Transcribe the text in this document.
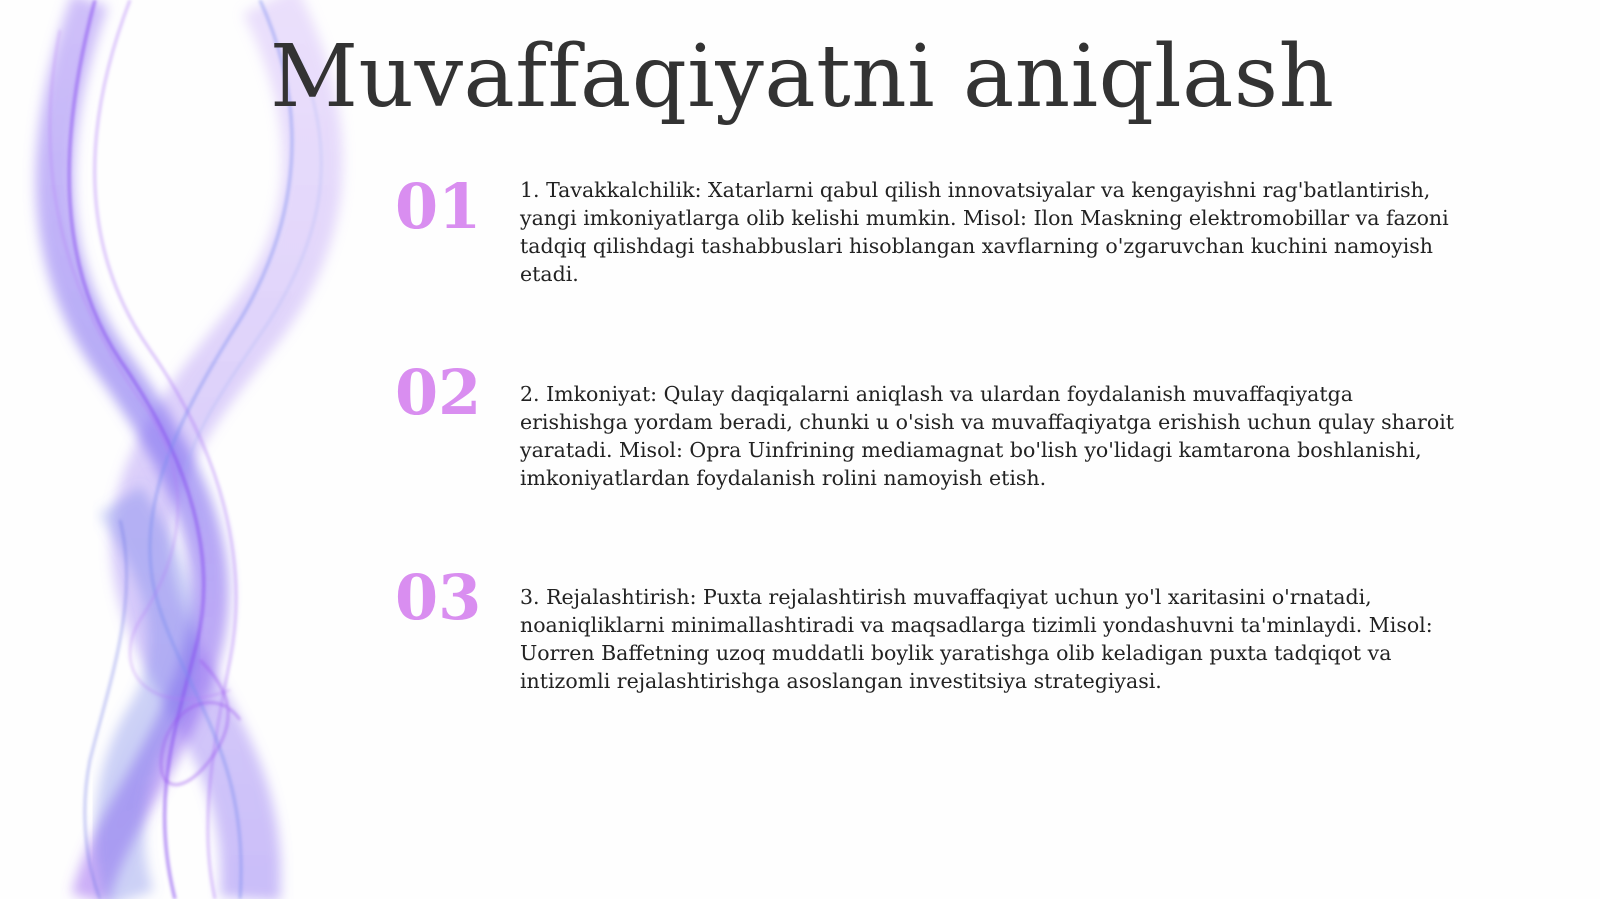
Muvaffaqiyatni aniqlash
01	1. Tavakkalchilik: Xatarlarni qabul qilish innovatsiyalar va kengayishni rag'batlantirish, yangi imkoniyatlarga olib kelishi mumkin. Misol: Ilon Maskning elektromobillar va fazoni tadqiq qilishdagi tashabbuslari hisoblangan xavflarning o'zgaruvchan kuchini namoyish etadi.

02	2. Imkoniyat: Qulay daqiqalarni aniqlash va ulardan foydalanish muvaffaqiyatga erishishga yordam beradi, chunki u o'sish va muvaffaqiyatga erishish uchun qulay sharoit yaratadi. Misol: Opra Uinfrining mediamagnat bo'lish yo'lidagi kamtarona boshlanishi, imkoniyatlardan foydalanish rolini namoyish etish.

03	3. Rejalashtirish: Puxta rejalashtirish muvaffaqiyat uchun yo'l xaritasini o'rnatadi, noaniqliklarni minimallashtiradi va maqsadlarga tizimli yondashuvni ta'minlaydi. Misol: Uorren Baffetning uzoq muddatli boylik yaratishga olib keladigan puxta tadqiqot va intizomli rejalashtirishga asoslangan investitsiya strategiyasi.
